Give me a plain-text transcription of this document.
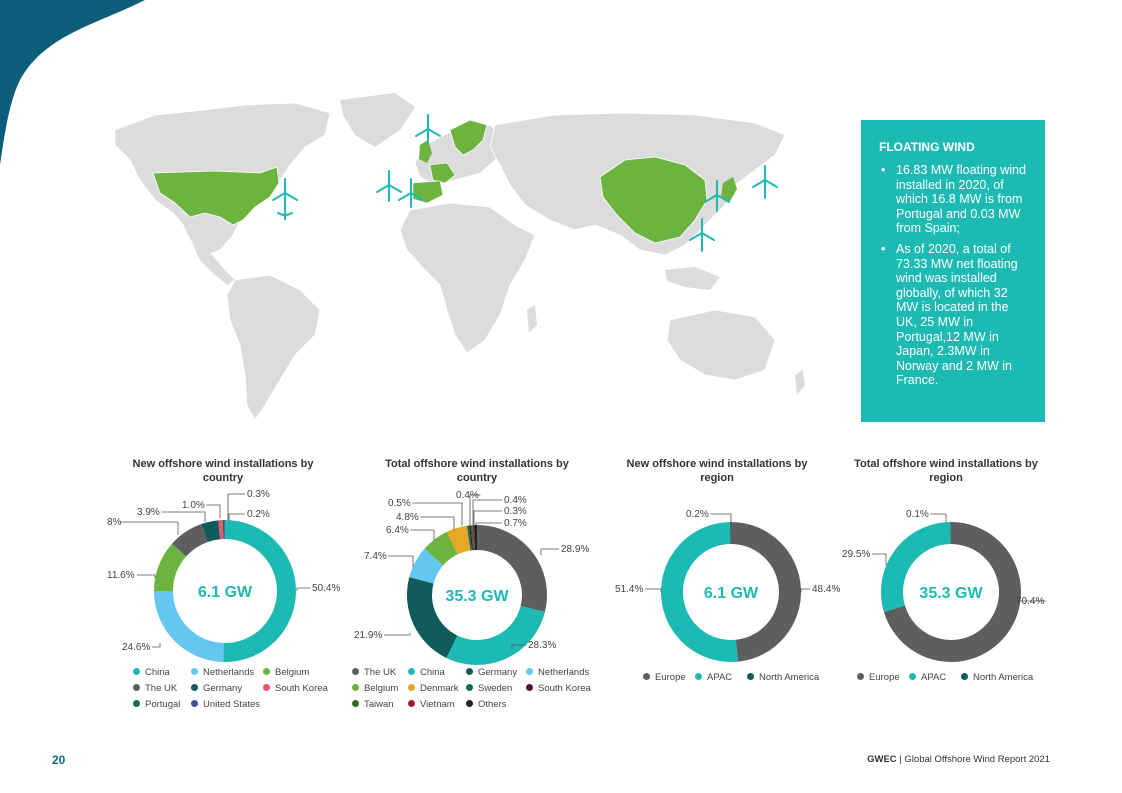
FLOATING WIND
• 16.83 MW floating wind installed in 2020, of which 16.8 MW is from Portugal and 0.03 MW from Spain;
• As of 2020, a total of 73.33 MW net floating wind was installed globally, of which 32 MW is located in the UK, 25 MW in Portugal,12 MW in Japan, 2.3MW in Norway and 2 MW in France.
New offshore wind installations by country
Total offshore wind installations by country
New offshore wind installations by region
Total offshore wind installations by region
6.1 GW	50.4%
24.6%
11.6%
8%
3.9%
1.0%
0.3%
0.2%
35.3 GW
28.9%
28.3%
21.9%
7.4%
6.4%
4.8%
0.5%
0.4%	0.4%
0.3%
0.7%
6.1 GW	48.4%
51.4%
0.2%
35.3 GW	70.4%
29.5%
0.1%
China	Netherlands	Belgium
The UK	Germany	South Korea
Portugal	United States
The UK	China	Germany	Netherlands
Belgium	Denmark	Sweden	South Korea
Taiwan	Vietnam	Others
Europe	APAC	North America	Europe	APAC	North America
20	GWEC | Global Offshore Wind Report 2021
